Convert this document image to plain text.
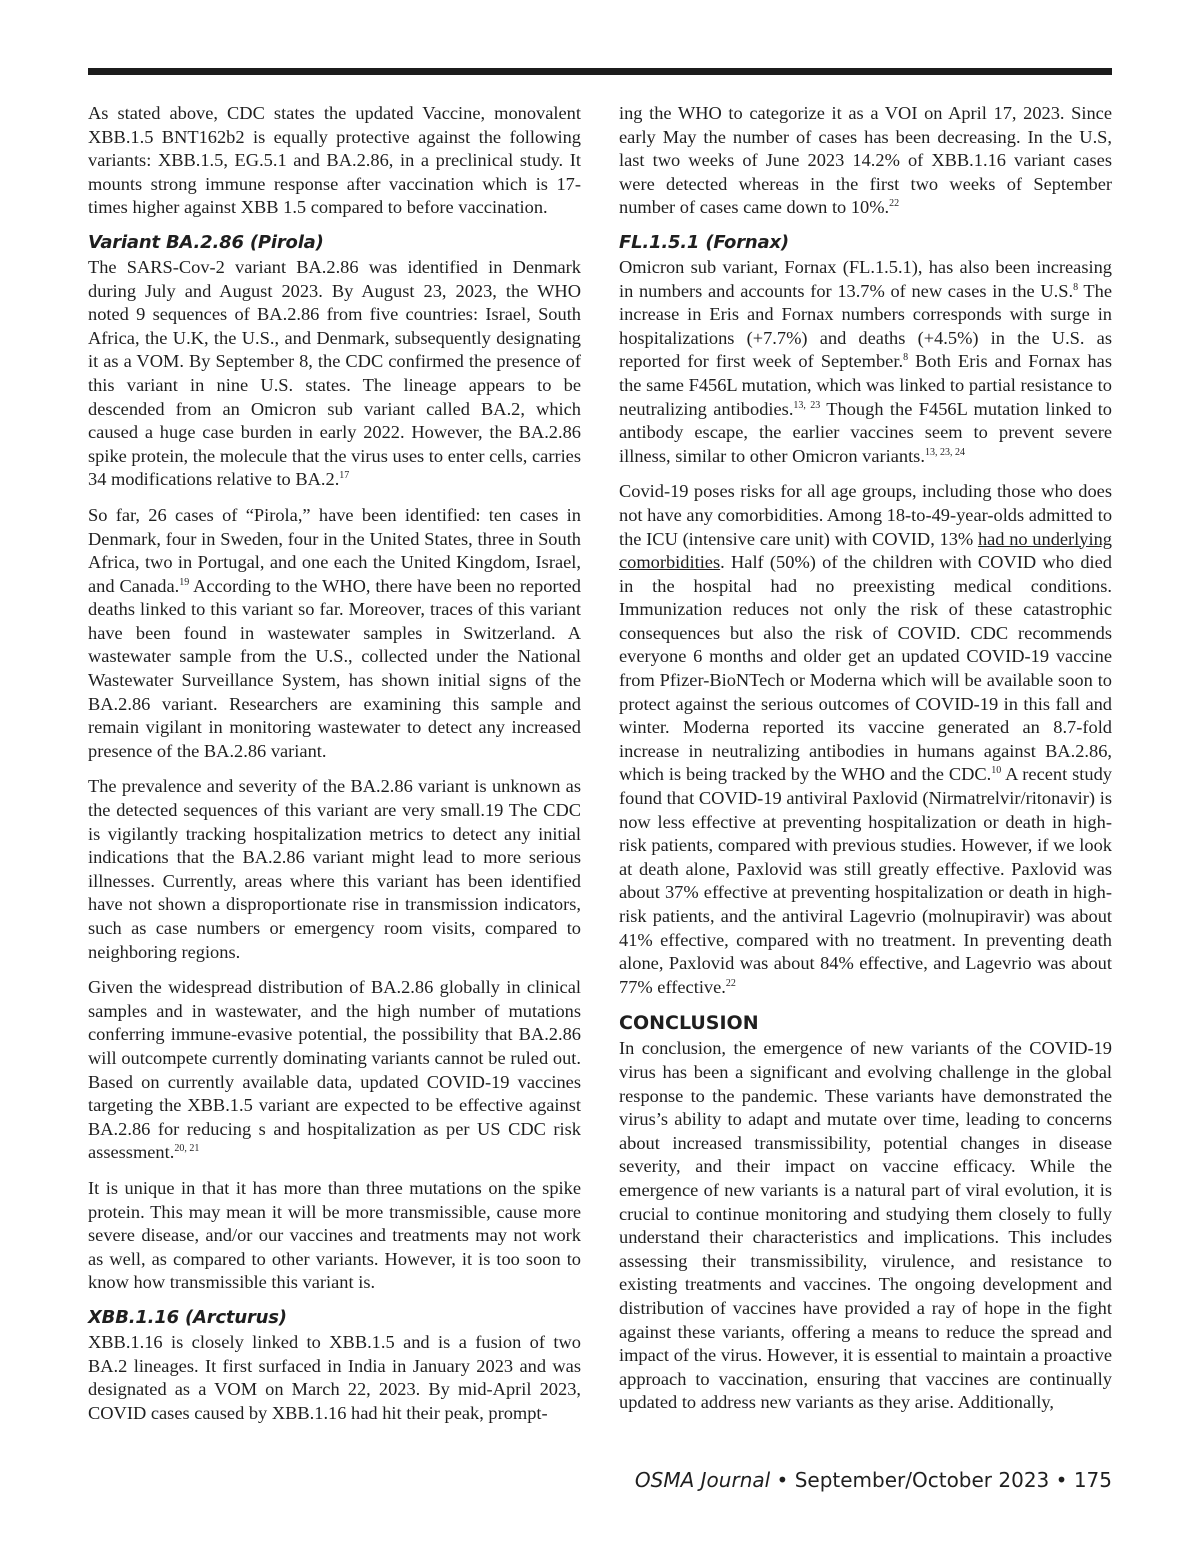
As stated above, CDC states the updated Vaccine, monovalent XBB.1.5 BNT162b2 is equally protective against the following variants: XBB.1.5, EG.5.1 and BA.2.86, in a preclinical study. It mounts strong immune response after vaccination which is 17-times higher against XBB 1.5 compared to before vaccination.

Variant BA.2.86 (Pirola)

The SARS-Cov-2 variant BA.2.86 was identified in Denmark during July and August 2023. By August 23, 2023, the WHO noted 9 sequences of BA.2.86 from five countries: Israel, South Africa, the U.K, the U.S., and Denmark, subsequently designating it as a VOM. By September 8, the CDC confirmed the presence of this variant in nine U.S. states. The lineage appears to be descended from an Omicron sub variant called BA.2, which caused a huge case burden in early 2022. However, the BA.2.86 spike protein, the molecule that the virus uses to enter cells, carries 34 modifications relative to BA.2.17

So far, 26 cases of “Pirola,” have been identified: ten cases in Denmark, four in Sweden, four in the United States, three in South Africa, two in Portugal, and one each the United Kingdom, Israel, and Canada.$^{19}$ According to the WHO, there have been no reported deaths linked to this variant so far. Moreover, traces of this variant have been found in wastewater samples in Switzerland. A wastewater sample from the U.S., collected under the National Wastewater Surveillance System, has shown initial signs of the BA.2.86 variant. Researchers are examining this sample and remain vigilant in monitoring wastewater to detect any increased presence of the BA.2.86 variant.

The prevalence and severity of the BA.2.86 variant is unknown as the detected sequences of this variant are very small.19 The CDC is vigilantly tracking hospitalization metrics to detect any initial indications that the BA.2.86 variant might lead to more serious illnesses. Currently, areas where this variant has been identified have not shown a disproportionate rise in transmission indicators, such as case numbers or emergency room visits, compared to neighboring regions.

Given the widespread distribution of BA.2.86 globally in clinical samples and in wastewater, and the high number of mutations conferring immune-evasive potential, the possibility that BA.2.86 will outcompete currently dominating variants cannot be ruled out. Based on currently available data, updated COVID-19 vaccines targeting the XBB.1.5 variant are expected to be effective against BA.2.86 for reducing s and hospitalization as per US CDC risk assessment.$^{20, 21}$

It is unique in that it has more than three mutations on the spike protein. This may mean it will be more transmissible, cause more severe disease, and/or our vaccines and treatments may not work as well, as compared to other variants. However, it is too soon to know how transmissible this variant is.

XBB.1.16 (Arcturus)

XBB.1.16 is closely linked to XBB.1.5 and is a fusion of two BA.2 lineages. It first surfaced in India in January 2023 and was designated as a VOM on March 22, 2023. By mid-April 2023, COVID cases caused by XBB.1.16 had hit their peak, prompt-

ing the WHO to categorize it as a VOI on April 17, 2023. Since early May the number of cases has been decreasing. In the U.S, last two weeks of June 2023 14.2% of XBB.1.16 variant cases were detected whereas in the first two weeks of September number of cases came down to 10%.$^{22}$

FL.1.5.1 (Fornax)

Omicron sub variant, Fornax (FL.1.5.1), has also been increasing in numbers and accounts for 13.7% of new cases in the U.S.$^8$ The increase in Eris and Fornax numbers corresponds with surge in hospitalizations (+7.7%) and deaths (+4.5%) in the U.S. as reported for first week of September.$^8$ Both Eris and Fornax has the same F456L mutation, which was linked to partial resistance to neutralizing antibodies.$^{13, 23}$ Though the F456L mutation linked to antibody escape, the earlier vaccines seem to prevent severe illness, similar to other Omicron variants.$^{13, 23, 24}$

Covid-19 poses risks for all age groups, including those who does not have any comorbidities. Among 18-to-49-year-olds admitted to the ICU (intensive care unit) with COVID, 13% had no underlying comorbidities. Half (50%) of the children with COVID who died in the hospital had no preexisting medical conditions. Immunization reduces not only the risk of these catastrophic consequences but also the risk of COVID. CDC recommends everyone 6 months and older get an updated COVID-19 vaccine from Pfizer-BioNTech or Moderna which will be available soon to protect against the serious outcomes of COVID-19 in this fall and winter. Moderna reported its vaccine generated an 8.7-fold increase in neutralizing antibodies in humans against BA.2.86, which is being tracked by the WHO and the CDC.$^{10}$ A recent study found that COVID-19 antiviral Paxlovid (Nirmatrelvir/ritonavir) is now less effective at preventing hospitalization or death in high-risk patients, compared with previous studies. However, if we look at death alone, Paxlovid was still greatly effective. Paxlovid was about 37% effective at preventing hospitalization or death in high-risk patients, and the antiviral Lagevrio (molnupiravir) was about 41% effective, compared with no treatment. In preventing death alone, Paxlovid was about 84% effective, and Lagevrio was about 77% effective.$^{22}$

CONCLUSION

In conclusion, the emergence of new variants of the COVID-19 virus has been a significant and evolving challenge in the global response to the pandemic. These variants have demonstrated the virus’s ability to adapt and mutate over time, leading to concerns about increased transmissibility, potential changes in disease severity, and their impact on vaccine efficacy. While the emergence of new variants is a natural part of viral evolution, it is crucial to continue monitoring and studying them closely to fully understand their characteristics and implications. This includes assessing their transmissibility, virulence, and resistance to existing treatments and vaccines. The ongoing development and distribution of vaccines have provided a ray of hope in the fight against these variants, offering a means to reduce the spread and impact of the virus. However, it is essential to maintain a proactive approach to vaccination, ensuring that vaccines are continually updated to address new variants as they arise. Additionally,

OSMA Journal • September/October 2023 • 175
